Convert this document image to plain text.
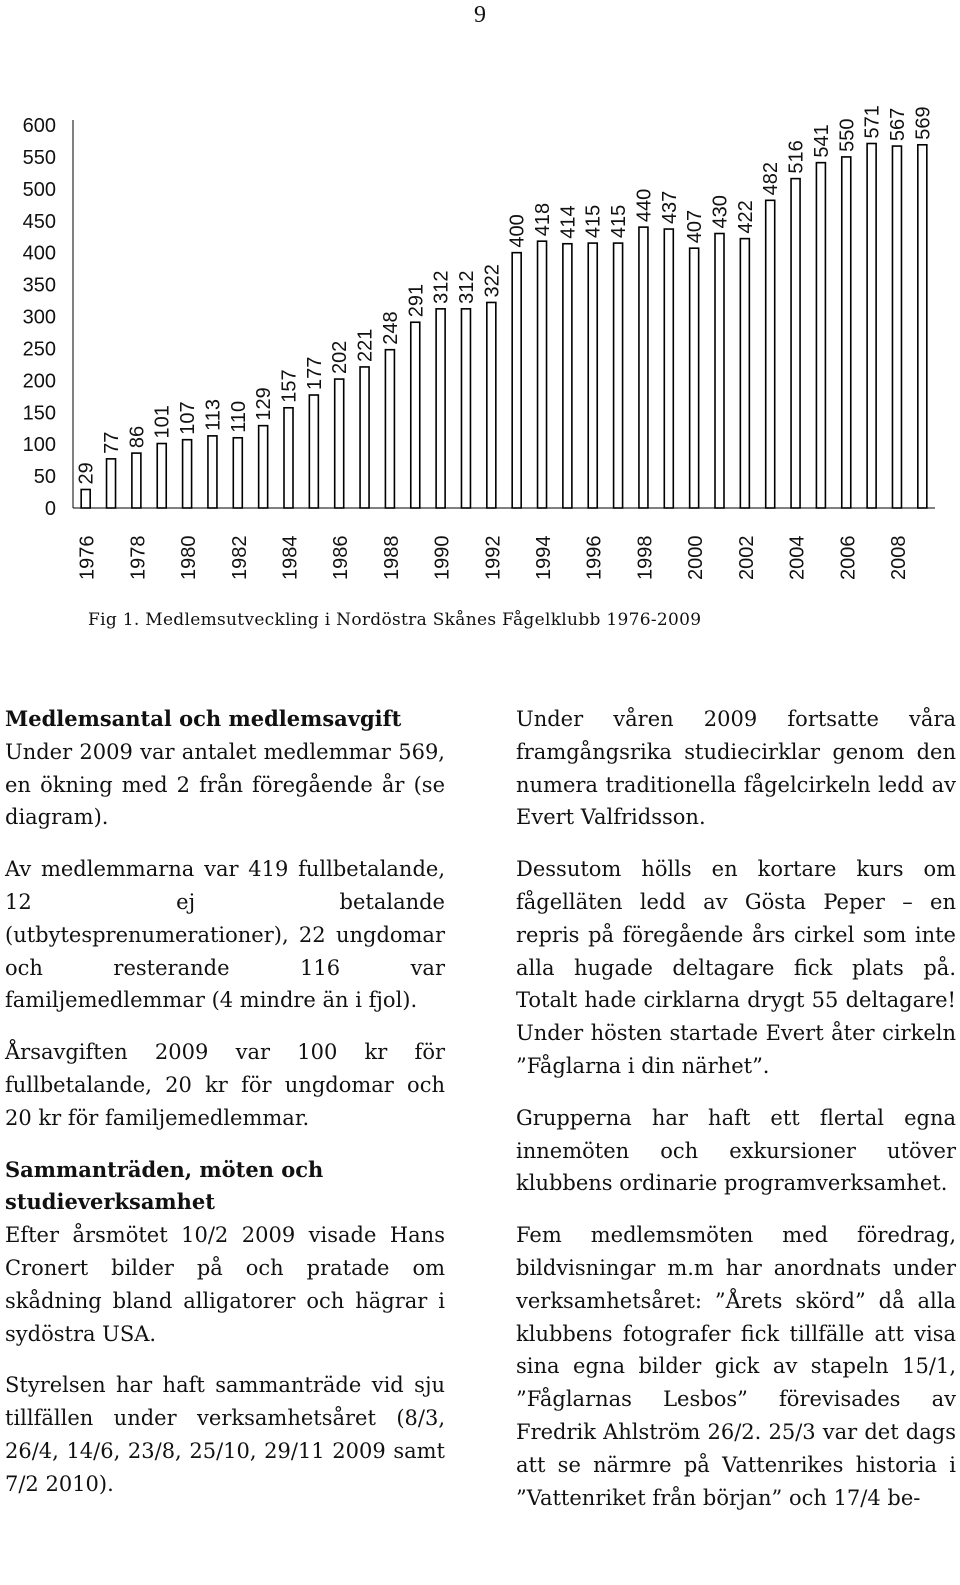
9
0
50
100
150
200
250
300
350
400
450
500
550
600
29
77 86 101 107 113 110 129
157 177 202 221
248
291 312 312 322
400 418 414 415 415 440 437
407 430 422
482
516 541 550 571 567 569
1976 1978 1980 1982 1984 1986 1988 1990 1992 1994 1996 1998 2000 2002 2004 2006 2008
Fig 1. Medlemsutveckling i Nordöstra Skånes Fågelklubb 1976-2009
Medlemsantal och medlemsavgift

Under 2009 var antalet medlemmar 569, en ökning med 2 från föregående år (se diagram).

Av medlemmarna var 419 fullbetalande, 12 ej betalande (utbytesprenumerationer), 22 ungdomar och resterande 116 var familjemedlemmar (4 mindre än i fjol).

Årsavgiften 2009 var 100 kr för fullbetalande, 20 kr för ungdomar och 20 kr för familjemedlemmar.

Sammanträden, möten och studieverksamhet

Efter årsmötet 10/2 2009 visade Hans Cronert bilder på och pratade om skådning bland alligatorer och hägrar i sydöstra USA.

Styrelsen har haft sammanträde vid sju tillfällen under verksamhetsåret (8/3, 26/4, 14/6, 23/8, 25/10, 29/11 2009 samt 7/2 2010).

Under våren 2009 fortsatte våra framgångsrika studiecirklar genom den numera traditionella fågelcirkeln ledd av Evert Valfridsson.

Dessutom hölls en kortare kurs om fågelläten ledd av Gösta Peper – en repris på föregående års cirkel som inte alla hugade deltagare fick plats på. Totalt hade cirklarna drygt 55 deltagare! Under hösten startade Evert åter cirkeln ”Fåglarna i din närhet”.

Grupperna har haft ett flertal egna innemöten och exkursioner utöver klubbens ordinarie programverksamhet.

Fem medlemsmöten med föredrag, bildvisningar m.m har anordnats under verksamhetsåret: ”Årets skörd” då alla klubbens fotografer fick tillfälle att visa sina egna bilder gick av stapeln 15/1, ”Fåglarnas Lesbos” förevisades av Fredrik Ahlström 26/2. 25/3 var det dags att se närmre på Vattenrikes historia i ”Vattenriket från början” och 17/4 be-
